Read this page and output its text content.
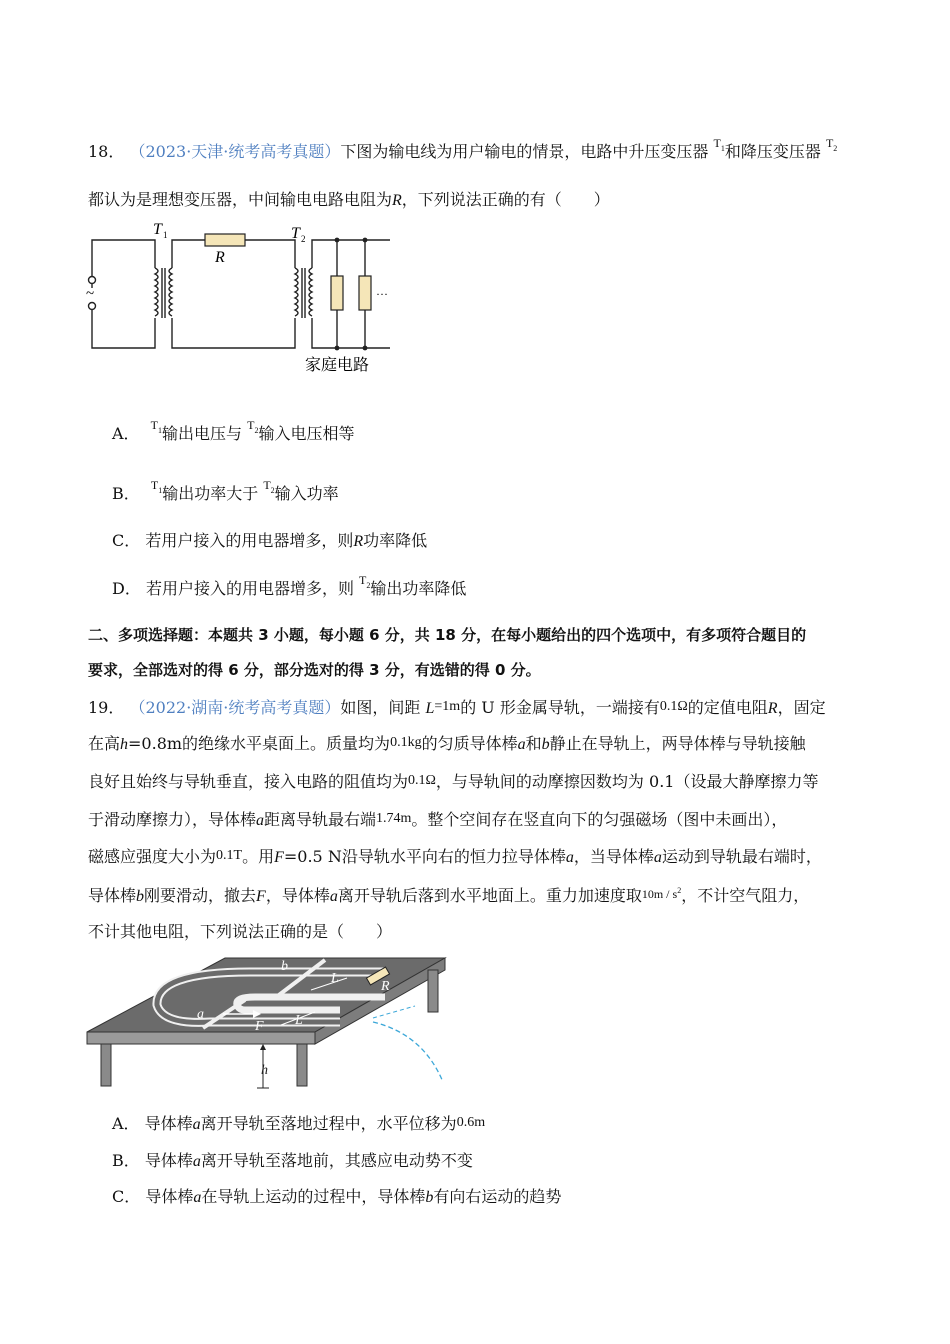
18． （2023·天津·统考高考真题）下图为输电线为用户输电的情景，电路中升压变压器 $^{T_1}$和降压变压器 $^{T_2}$
都认为是理想变压器，中间输电电路电阻为R，下列说法正确的有（　　）
~
T 1
R
T 2
···
家庭电路
A． $^{T_1}$输出电压与 $^{T_2}$输入电压相等
B． $^{T_1}$输出功率大于 $^{T_2}$输入功率
C． 若用户接入的用电器增多，则R功率降低
D． 若用户接入的用电器增多，则 $^{T_2}$输出功率降低
二、多项选择题：本题共 3 小题，每小题 6 分，共 18 分，在每小题给出的四个选项中，有多项符合题目的
要求，全部选对的得 6 分，部分选对的得 3 分，有选错的得 0 分。
19． （2022·湖南·统考高考真题）如图，间距 L=1m的 U 形金属导轨，一端接有0.1Ω的定值电阻R，固定
在高h=0.8m的绝缘水平桌面上。质量均为0.1kg的匀质导体棒a和b静止在导轨上，两导体棒与导轨接触
良好且始终与导轨垂直，接入电路的阻值均为0.1Ω，与导轨间的动摩擦因数均为 0.1（设最大静摩擦力等
于滑动摩擦力），导体棒a距离导轨最右端1.74m。整个空间存在竖直向下的匀强磁场（图中未画出），
磁感应强度大小为0.1T。用F=0.5 N沿导轨水平向右的恒力拉导体棒a，当导体棒a运动到导轨最右端时，
导体棒b刚要滑动，撤去F，导体棒a离开导轨后落到水平地面上。重力加速度取$10m / s^2$，不计空气阻力，
不计其他电阻，下列说法正确的是（　　）
b
a
L
L
R
F
h
A． 导体棒a离开导轨至落地过程中，水平位移为0.6m
B． 导体棒a离开导轨至落地前，其感应电动势不变
C． 导体棒a在导轨上运动的过程中，导体棒b有向右运动的趋势
